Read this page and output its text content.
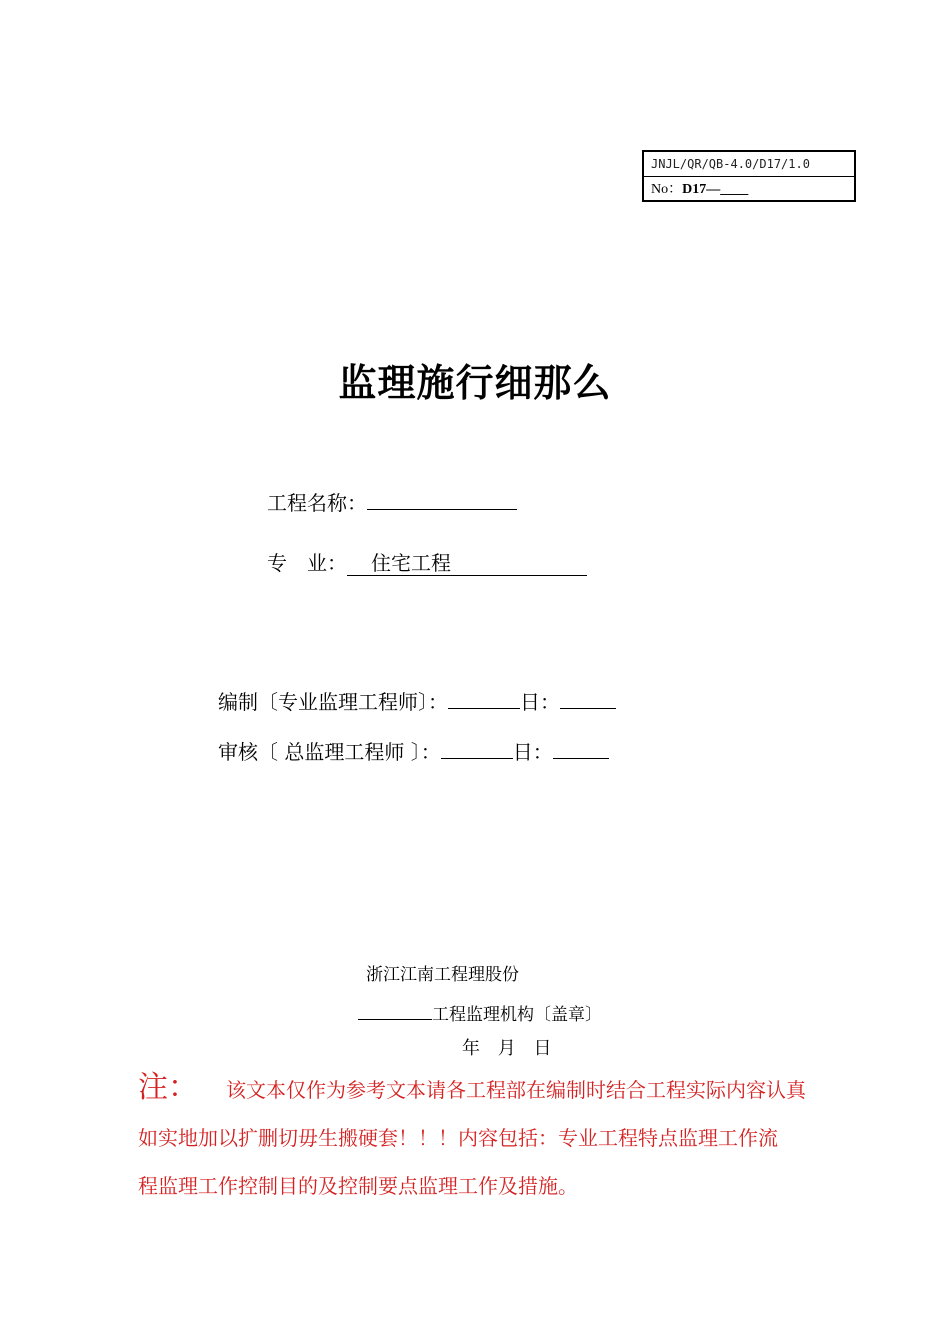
JNJL/QR/QB-4.0/D17/1.0
No：D17—____
监理施行细那么
工程名称：
专　业： 住宅工程
编制〔专业监理工程师〕：	日：
审核〔 总监理工程师 〕：	日：
浙江江南工程理股份
工程监理机构〔盖章〕
年 月 日
注： 该文本仅作为参考文本请各工程部在编制时结合工程实际内容认真
如实地加以扩删切毋生搬硬套！！！内容包括：专业工程特点监理工作流
程监理工作控制目的及控制要点监理工作及措施。
